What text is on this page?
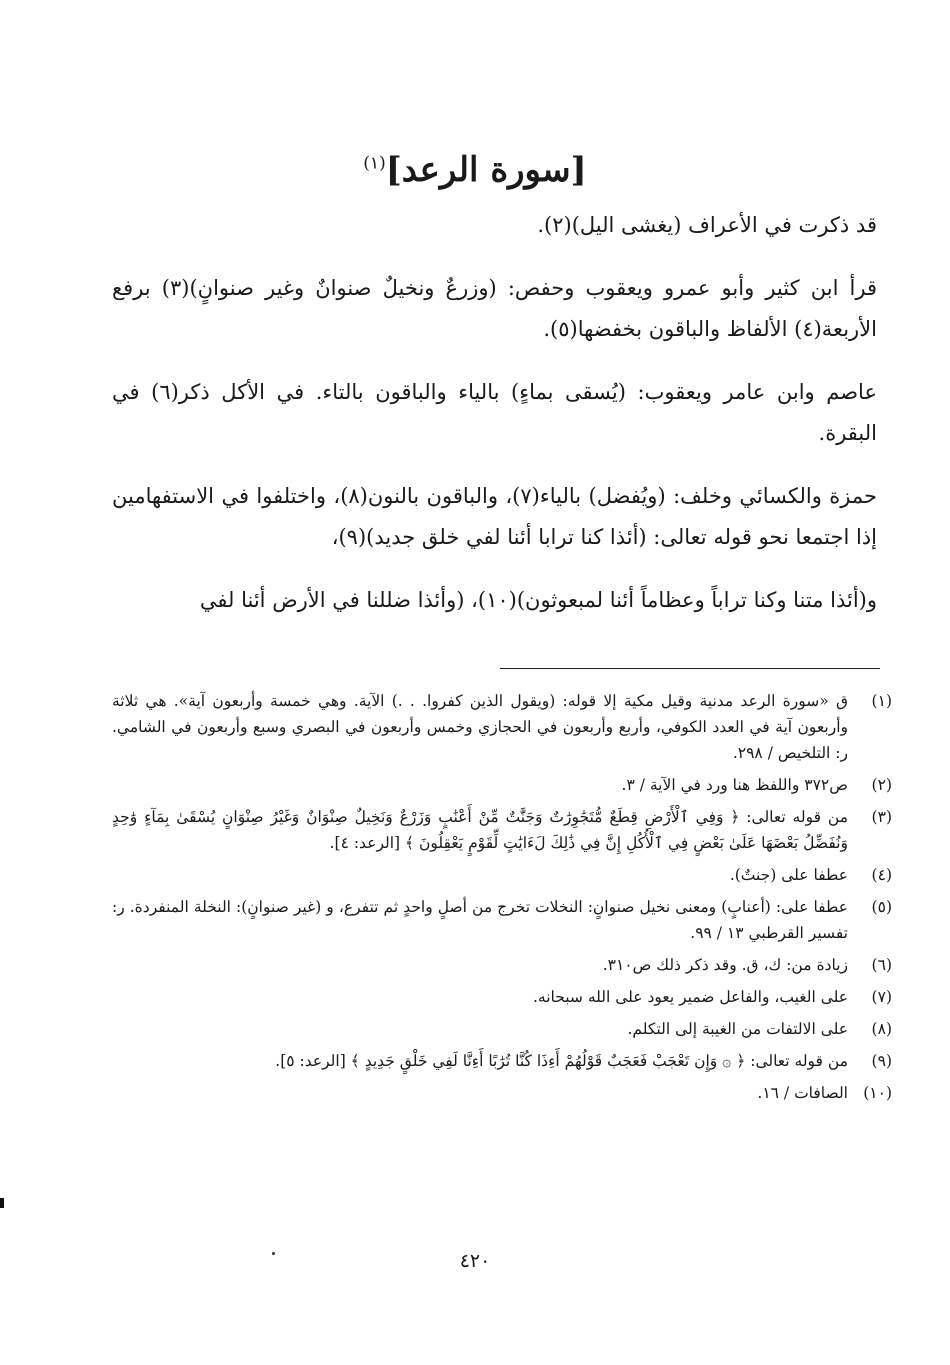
[سورة الرعد]$^{(١)}$

قد ذكرت في الأعراف (يغشى اليل)(٢).

قرأ ابن كثير وأبو عمرو ويعقوب وحفص: (وزرعٌ ونخيلٌ صنوانٌ وغير صنوانٍ)(٣) برفع الأربعة(٤) الألفاظ والباقون بخفضها(٥).

عاصم وابن عامر ويعقوب: (يُسقى بماءٍ) بالياء والباقون بالتاء. في الأكل ذكر(٦) في البقرة.

حمزة والكسائي وخلف: (ويُفضل) بالياء(٧)، والباقون بالنون(٨)، واختلفوا في الاستفهامين إذا اجتمعا نحو قوله تعالى: (أئذا كنا ترابا أئنا لفي خلق جديد)(٩)،

و(أئذا متنا وكنا تراباً وعظاماً أئنا لمبعوثون)(١٠)، (وأئذا ضللنا في الأرض أئنا لفي

(١)
ق «سورة الرعد مدنية وقيل مكية إلا قوله: (ويقول الذين كفروا. . .) الآية. وهي خمسة وأربعون آية». هي ثلاثة وأربعون آية في العدد الكوفي، وأربع وأربعون في الحجازي وخمس وأربعون في البصري وسبع وأربعون في الشامي. ر: التلخيص / ٢٩٨.
(٢)
ص٣٧٢ واللفظ هنا ورد في الآية / ٣.
(٣)
من قوله تعالى: ﴿ وَفِي ٱلْأَرْضِ قِطَعٌ مُّتَجَٰوِرَٰتٌ وَجَنَّٰتٌ مِّنْ أَعْنَٰبٍ وَزَرْعٌ وَنَخِيلٌ صِنْوَانٌ وَغَيْرُ صِنْوَانٍ يُسْقَىٰ بِمَآءٍ وَٰحِدٍ وَنُفَضِّلُ بَعْضَهَا عَلَىٰ بَعْضٍ فِي ٱلْأُكُلِ إِنَّ فِي ذَٰلِكَ لَءَايَٰتٍ لِّقَوْمٍ يَعْقِلُونَ ﴾ [الرعد: ٤].
(٤)
عطفا على (جنتٌ).
(٥)
عطفا على: (أعنابٍ) ومعنى نخيل صنوانٍ: النخلات تخرج من أصلٍ واحدٍ ثم تتفرع، و (غير صنوانٍ): النخلة المنفردة. ر: تفسير القرطبي ١٣ / ٩٩.
(٦)
زيادة من: ك، ق. وقد ذكر ذلك ص٣١٠.
(٧)
على الغيب، والفاعل ضمير يعود على الله سبحانه.
(٨)
على الالتفات من الغيبة إلى التكلم.
(٩)
من قوله تعالى: ﴿ ۞ وَإِن تَعْجَبْ فَعَجَبٌ قَوْلُهُمْ أَءِذَا كُنَّا تُرَٰبًا أَءِنَّا لَفِي خَلْقٍ جَدِيدٍ ﴾ [الرعد: ٥].
(١٠)
الصافات / ١٦.
٤٢٠
